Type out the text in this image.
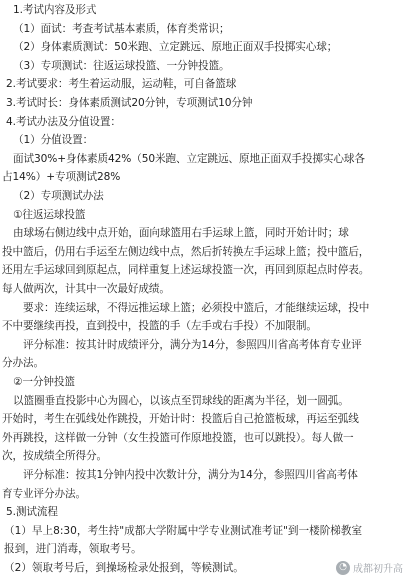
1.考试内容及形式
（1）面试：考查考试基本素质，体育类常识；
（2）身体素质测试：50米跑、立定跳远、原地正面双手投掷实心球；
（3）专项测试：往返运球投篮、一分钟投篮。
2.考试要求：考生着运动服，运动鞋，可自备篮球
3.考试时长：身体素质测试20分钟，专项测试10分钟
4.考试办法及分值设置：
（1）分值设置：
面试30%+身体素质42%（50米跑、立定跳远、原地正面双手投掷实心球各
占14%）+专项测试28%
（2）专项测试办法
①往返运球投篮
由球场右侧边线中点开始，面向球篮用右手运球上篮，同时开始计时；球
投中篮后，仍用右手运至左侧边线中点，然后折转换左手运球上篮；投中篮后，
还用左手运球回到原起点，同样重复上述运球投篮一次，再回到原起点时停表。
每人做两次，计其中一次最好成绩。
要求：连续运球，不得远推运球上篮；必须投中篮后，才能继续运球，投中
不中要继续再投，直到投中，投篮的手（左手或右手投）不加限制。
评分标准：按其计时成绩评分，满分为14分，参照四川省高考体育专业评
分办法。
②一分钟投篮
以篮圈垂直投影中心为圆心，以该点至罚球线的距离为半径，划一圆弧。
开始时，考生在弧线处作跳投，开始计时：投篮后自己抢篮板球，再运至弧线
外再跳投，这样做一分钟（女生投篮可作原地投篮，也可以跳投）。每人做一
次，按成绩全所得分。
评分标准：按其1分钟内投中次数计分，满分为14分，参照四川省高考体
育专业评分办法。
5.测试流程
（1）早上8:30，考生持"成都大学附属中学专业测试准考证"到一楼阶梯教室
报到，进门消毒，领取考号。
（2）领取考号后，到操场检录处报到，等候测试。	◔ 成都初升高
